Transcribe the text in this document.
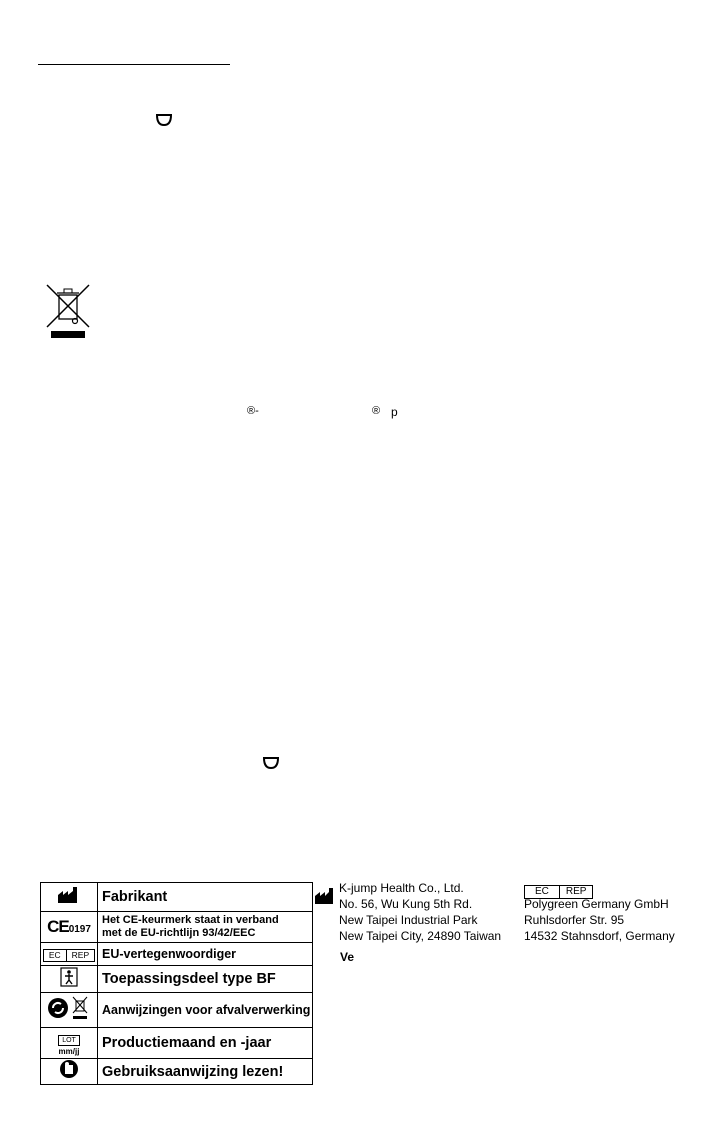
®-	® p
	Fabrikant
CE0197	Het CE-keurmerk staat in verband
met de EU-richtlijn 93/42/EEC

EC REP	EU-vertegenwoordiger
	Toepassingsdeel type BF
	Aanwijzingen voor afvalverwerking
LOT
mm/jj	Productiemaand en -jaar
	Gebruiksaanwijzing lezen!
K-jump Health Co., Ltd.
No. 56, Wu Kung 5th Rd.
New Taipei Industrial Park
New Taipei City, 24890 Taiwan
EC	REP
Polygreen Germany GmbH
Ruhlsdorfer Str. 95
14532 Stahnsdorf, Germany
Ve
